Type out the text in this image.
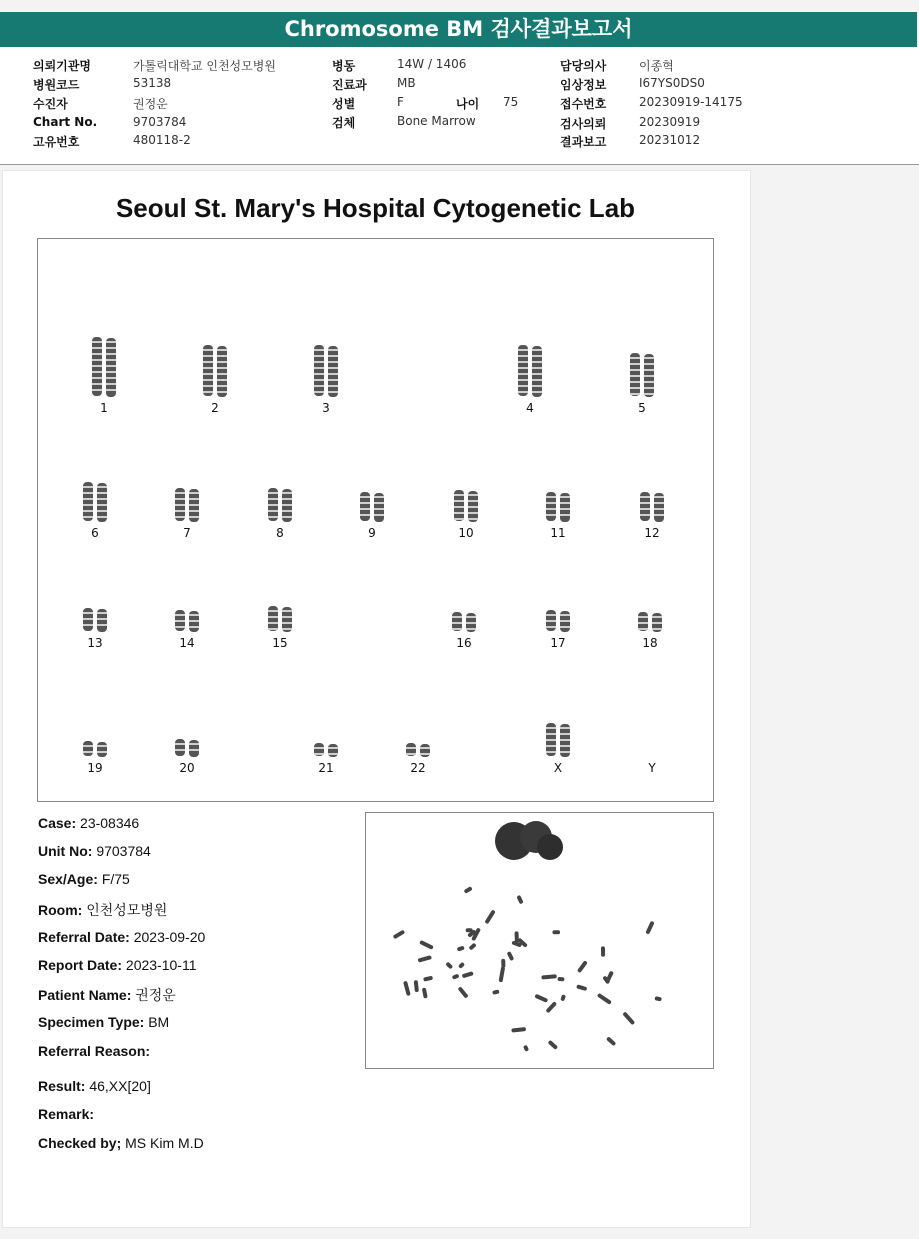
Chromosome BM 검사결과보고서
의뢰기관명	가톨릭대학교 인천성모병원
병원코드	53138
수진자	권정운
Chart No.	9703784
고유번호	480118-2
병동	14W / 1406
진료과	MB
성별	F	나이 75
검체	Bone Marrow
담당의사	이종혁
임상정보	I67YS0DS0
접수번호	20230919-14175
검사의뢰	20230919
결과보고	20231012
Seoul St. Mary's Hospital Cytogenetic Lab
1	2	3	4	5
6	7	8	9	10	11	12
13	14	15	16	17	18
19	20	21	22	X	Y
Case: 23-08346
Unit No: 9703784
Sex/Age: F/75
Room: 인천성모병원
Referral Date: 2023-09-20
Report Date: 2023-10-11
Patient Name: 권정운
Specimen Type: BM
Referral Reason:
Result: 46,XX[20]
Remark:
Checked by; MS Kim M.D
